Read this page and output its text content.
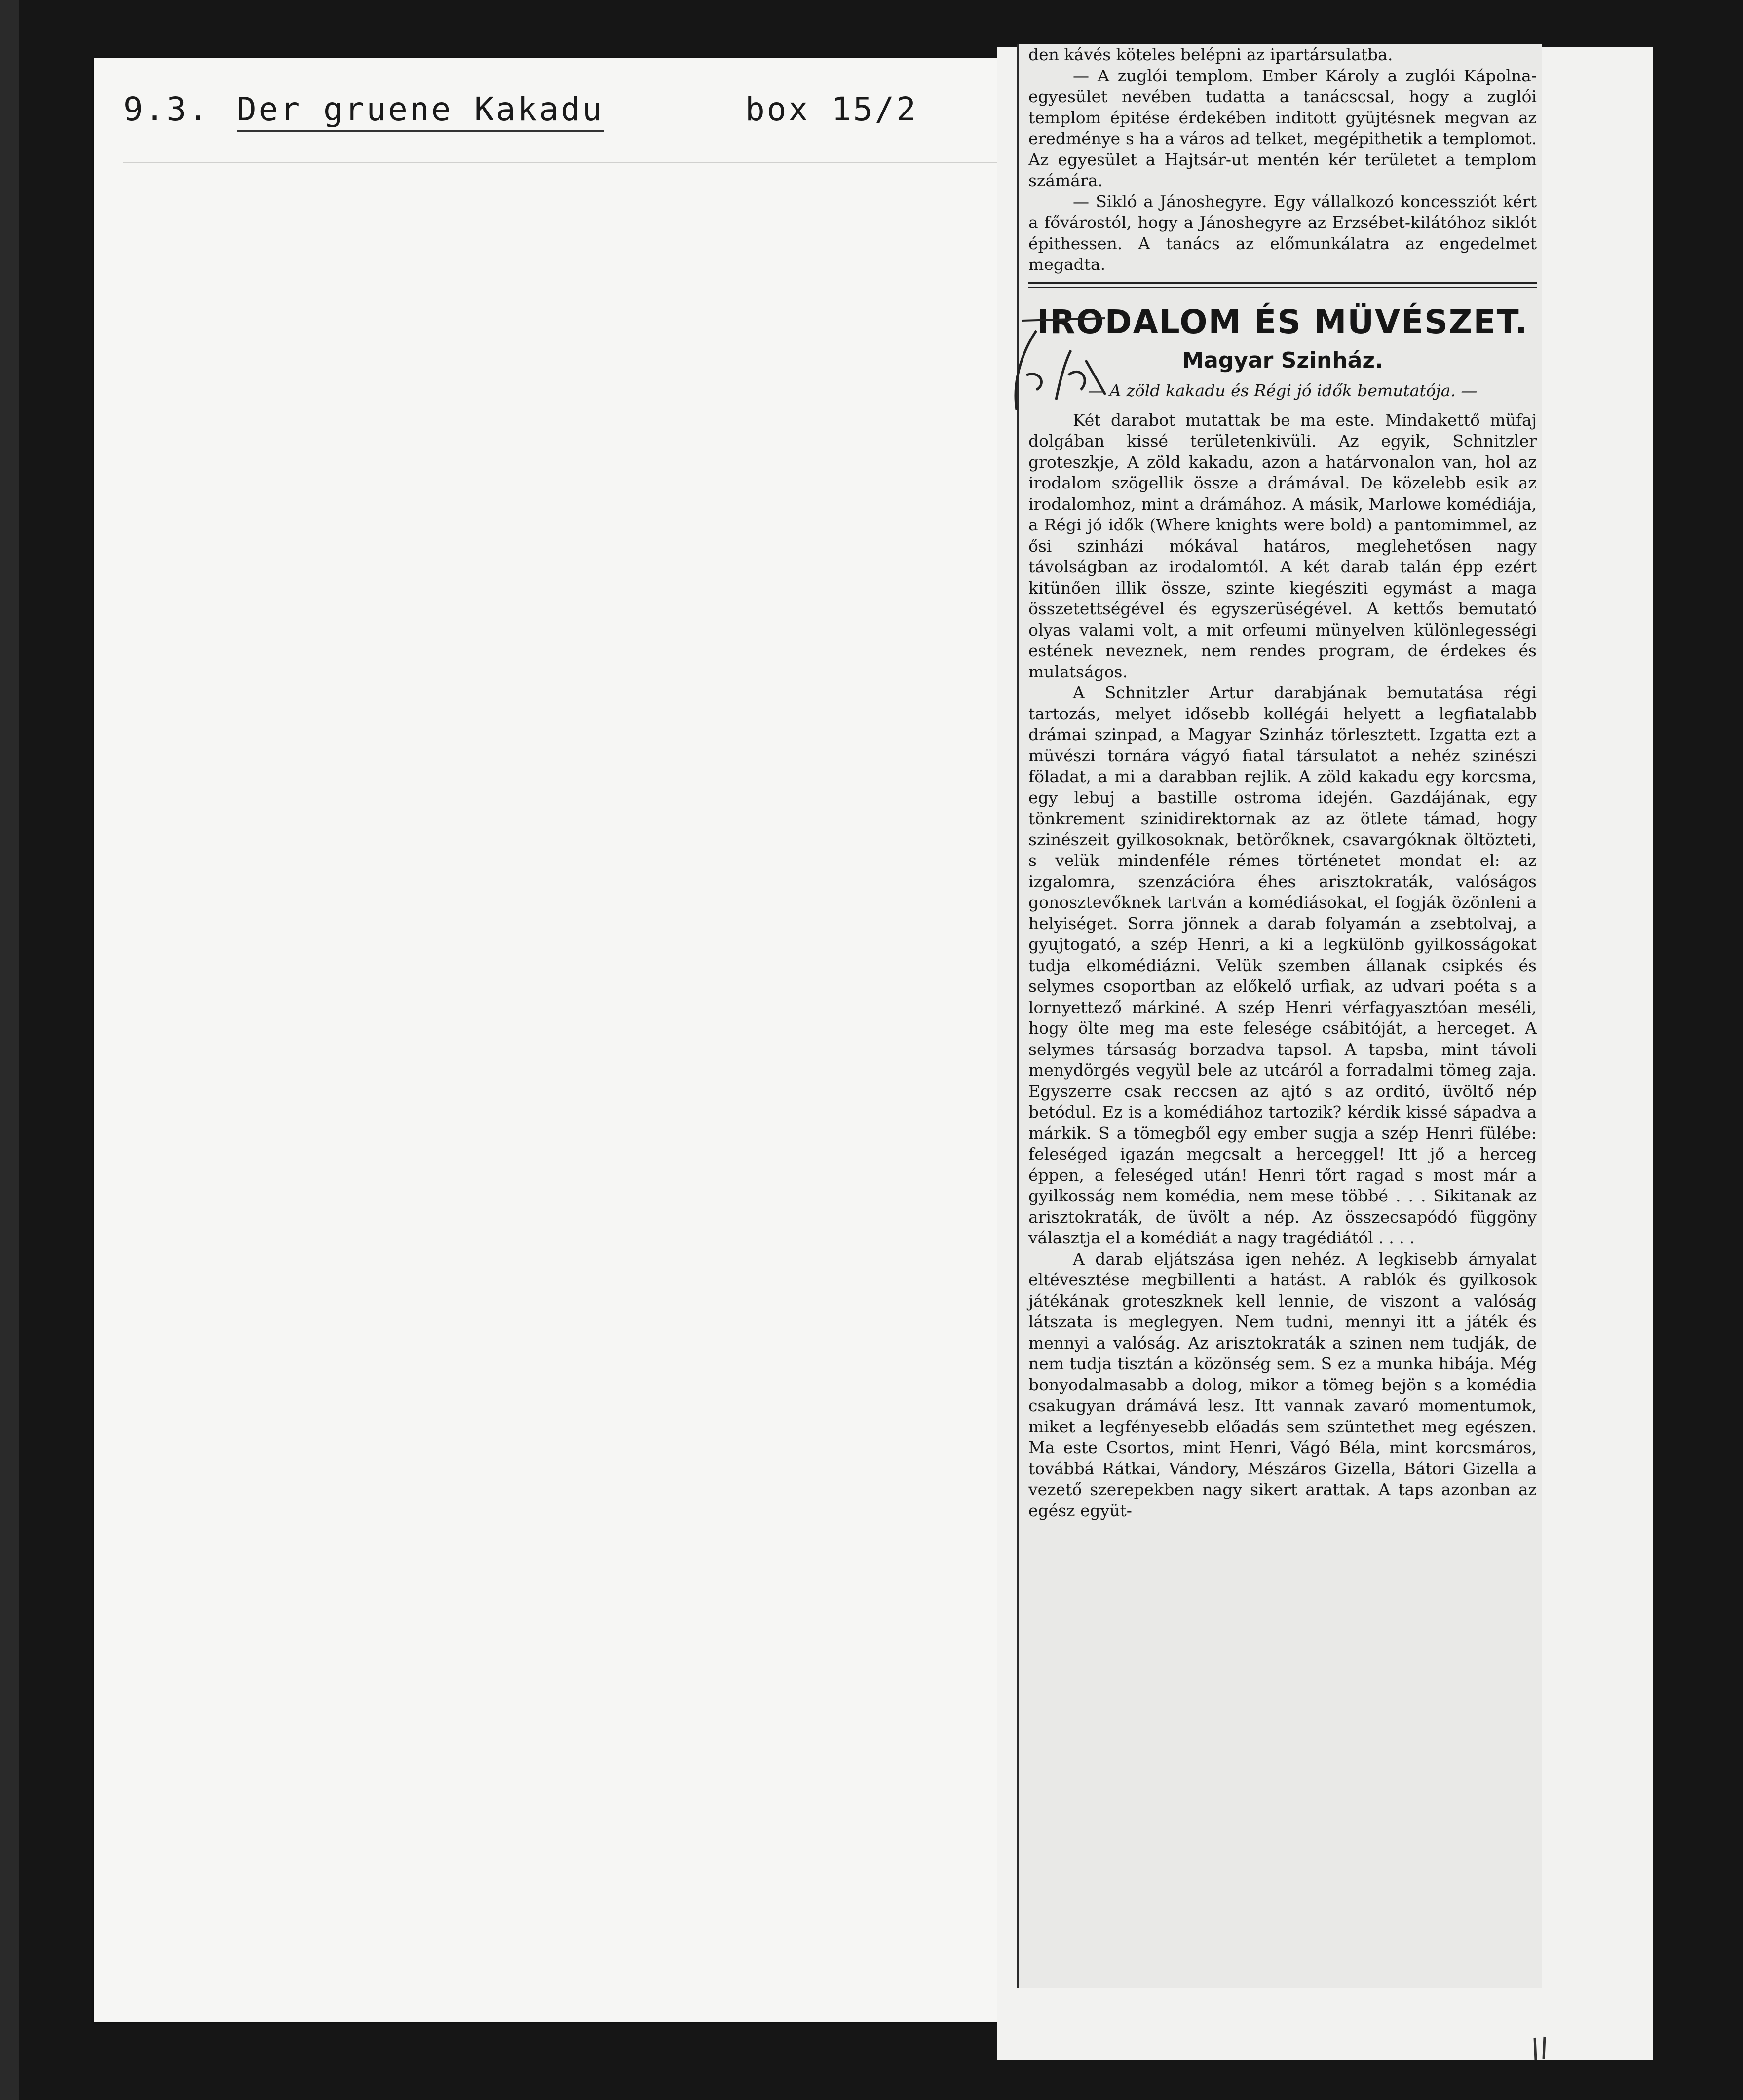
9.3. Der gruene Kakadu	box 15/2

den kávés köteles belépni az ipartársulatba.

— A zuglói templom. Ember Károly a zuglói Kápolna-egyesület nevében tudatta a tanácscsal, hogy a zuglói templom épitése érdekében inditott gyüjtésnek megvan az eredménye s ha a város ad telket, megépithetik a templomot. Az egyesület a Hajtsár-ut mentén kér területet a templom számára.

— Sikló a Jánoshegyre. Egy vállalkozó koncessziót kért a fővárostól, hogy a Jánoshegyre az Erzsébet-kilátóhoz siklót épithessen. A tanács az előmunkálatra az engedelmet megadta.

IRODALOM ÉS MÜVÉSZET.
Magyar Szinház.
— A zöld kakadu és Régi jó idők bemutatója. —

Két darabot mutattak be ma este. Mindakettő müfaj dolgában kissé területenkivüli. Az egyik, Schnitzler groteszkje, A zöld kakadu, azon a határvonalon van, hol az irodalom szögellik össze a drámával. De közelebb esik az irodalomhoz, mint a drámához. A másik, Marlowe komédiája, a Régi jó idők (Where knights were bold) a pantomimmel, az ősi szinházi mókával határos, meglehetősen nagy távolságban az irodalomtól. A két darab talán épp ezért kitünően illik össze, szinte kiegésziti egymást a maga összetettségével és egyszerüségével. A kettős bemutató olyas valami volt, a mit orfeumi münyelven különlegességi estének neveznek, nem rendes program, de érdekes és mulatságos.

A Schnitzler Artur darabjának bemutatása régi tartozás, melyet idősebb kollégái helyett a legfiatalabb drámai szinpad, a Magyar Szinház törlesztett. Izgatta ezt a müvészi tornára vágyó fiatal társulatot a nehéz szinészi föladat, a mi a darabban rejlik. A zöld kakadu egy korcsma, egy lebuj a bastille ostroma idején. Gazdájának, egy tönkrement szinidirektornak az az ötlete támad, hogy szinészeit gyilkosoknak, betörőknek, csavargóknak öltözteti, s velük mindenféle rémes történetet mondat el: az izgalomra, szenzációra éhes arisztokraták, valóságos gonosztevőknek tartván a komédiásokat, el fogják özönleni a helyiséget. Sorra jönnek a darab folyamán a zsebtolvaj, a gyujtogató, a szép Henri, a ki a legkülönb gyilkosságokat tudja elkomédiázni. Velük szemben állanak csipkés és selymes csoportban az előkelő urfiak, az udvari poéta s a lornyettező márkiné. A szép Henri vérfagyasztóan meséli, hogy ölte meg ma este felesége csábitóját, a herceget. A selymes társaság borzadva tapsol. A tapsba, mint távoli menydörgés vegyül bele az utcáról a forradalmi tömeg zaja. Egyszerre csak reccsen az ajtó s az orditó, üvöltő nép betódul. Ez is a komédiához tartozik? kérdik kissé sápadva a márkik. S a tömegből egy ember sugja a szép Henri fülébe: feleséged igazán megcsalt a herceggel! Itt jő a herceg éppen, a feleséged után! Henri tőrt ragad s most már a gyilkosság nem komédia, nem mese többé . . . Sikitanak az arisztokraták, de üvölt a nép. Az összecsapódó függöny választja el a komédiát a nagy tragédiától . . . .

A darab eljátszása igen nehéz. A legkisebb árnyalat eltévesztése megbillenti a hatást. A rablók és gyilkosok játékának groteszknek kell lennie, de viszont a valóság látszata is meglegyen. Nem tudni, mennyi itt a játék és mennyi a valóság. Az arisztokraták a szinen nem tudják, de nem tudja tisztán a közönség sem. S ez a munka hibája. Még bonyodalmasabb a dolog, mikor a tömeg bejön s a komédia csakugyan drámává lesz. Itt vannak zavaró momentumok, miket a legfényesebb előadás sem szüntethet meg egészen. Ma este Csortos, mint Henri, Vágó Béla, mint korcsmáros, továbbá Rátkai, Vándory, Mészáros Gizella, Bátori Gizella a vezető szerepekben nagy sikert arattak. A taps azonban az egész együt-
